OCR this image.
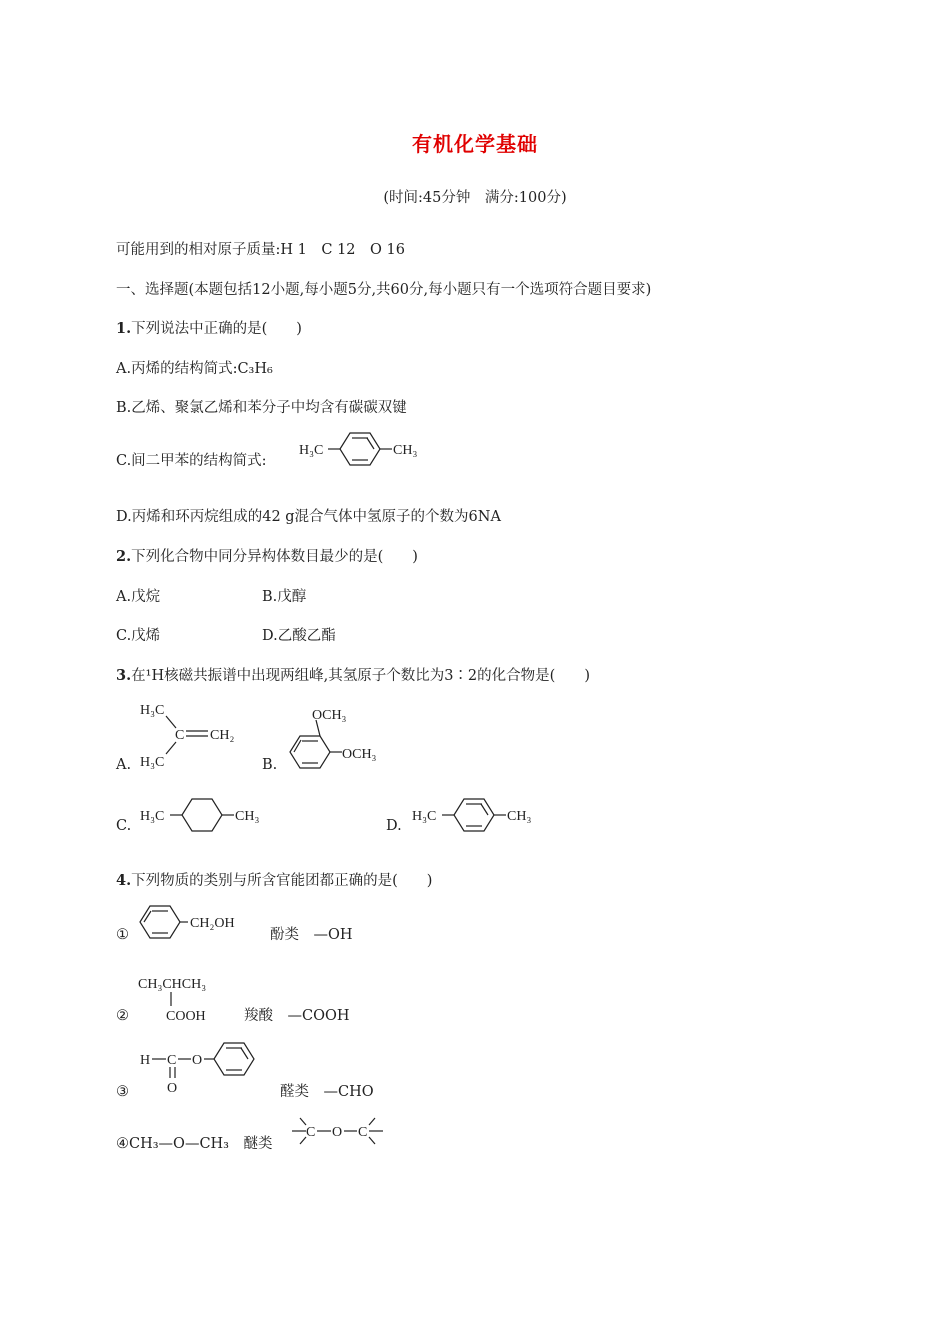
有机化学基础
(时间:45分钟　满分:100分)
可能用到的相对原子质量:H 1　C 12　O 16
一、选择题(本题包括12小题,每小题5分,共60分,每小题只有一个选项符合题目要求)
1.下列说法中正确的是(　　)
A.丙烯的结构简式:C₃H₆
B.乙烯、聚氯乙烯和苯分子中均含有碳碳双键
C.间二甲苯的结构简式:
H₃C	CH₃
D.丙烯和环丙烷组成的42 g混合气体中氢原子的个数为6NA
2.下列化合物中同分异构体数目最少的是(　　)
A.戊烷	B.戊醇
C.戊烯	D.乙酸乙酯
3.在¹H核磁共振谱中出现两组峰,其氢原子个数比为3∶2的化合物是(　　)
A.
H₃C
C CH₂
H₃C	B.
OCH₃
OCH₃
C.
H₃C	CH₃
D.
H₃C	CH₃
4.下列物质的类别与所含官能团都正确的是(　　)
①
CH₂OH
酚类　—OH
CH₃CHCH₃
COOH
②	羧酸　—COOH
H C O
O
③	醛类　—CHO
④CH₃—O—CH₃　醚类
C O C
